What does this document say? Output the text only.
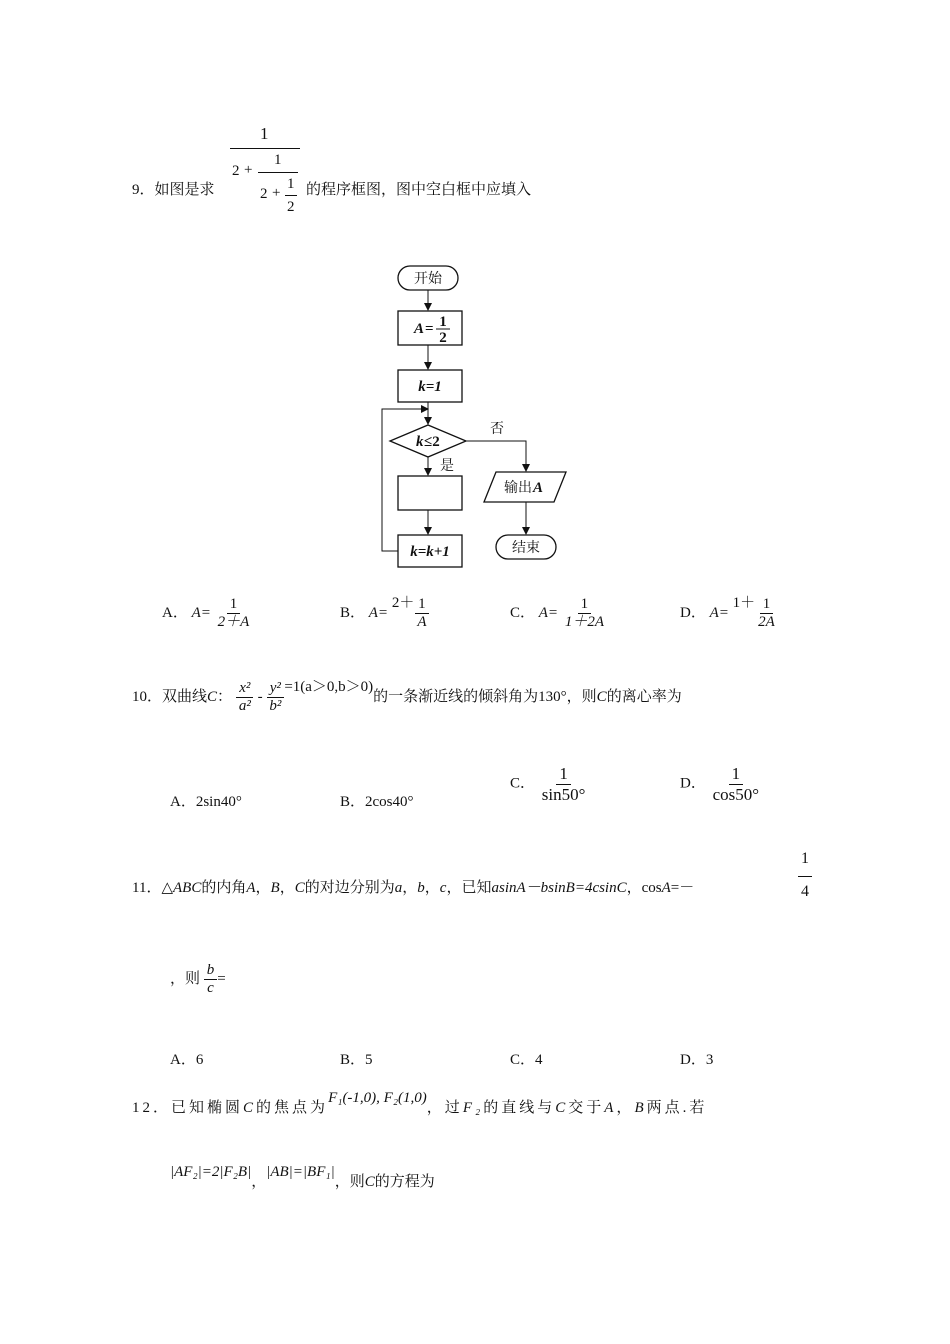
9．如图是求
1
2 +
1
2 +
1
2
的程序框图，图中空白框中应填入
开始
A = 1
2
k=1
k ≤2
否
是
k=k+1
输出 A
结束
A． $A= \frac{1}{2+A}$	B． $A= 2+ \frac{1}{A}$	C． $A= \frac{1}{1+2A}$	D． $A= 1+ \frac{1}{2A}$
10．双曲线C： $\frac{\text{x²}}{\text{a²}} - \frac{\text{y²}}{\text{b²}} =1(a>0,b>0)$的一条渐近线的倾斜角为130°，则C的离心率为
A．2sin40°	B．2cos40°
C． $\frac{1}{\sin 50^\circ}$	D． $\frac{1}{\cos 50^\circ}$
11．△ABC的内角A，B，C的对边分别为a，b，c，已知asinA－bsinB=4csinC，cosA=－	$\frac{1}{4}$
，则 $\frac{b}{c}$ =
A．6	B．5	C．4	D．3
12．已知椭圆C的焦点为F₁(-1,0), F₂(1,0)，过F₂的直线与C交于A，B两点.若
|AF₂|=2|F₂B|，|AB|=|BF₁|，则C的方程为
